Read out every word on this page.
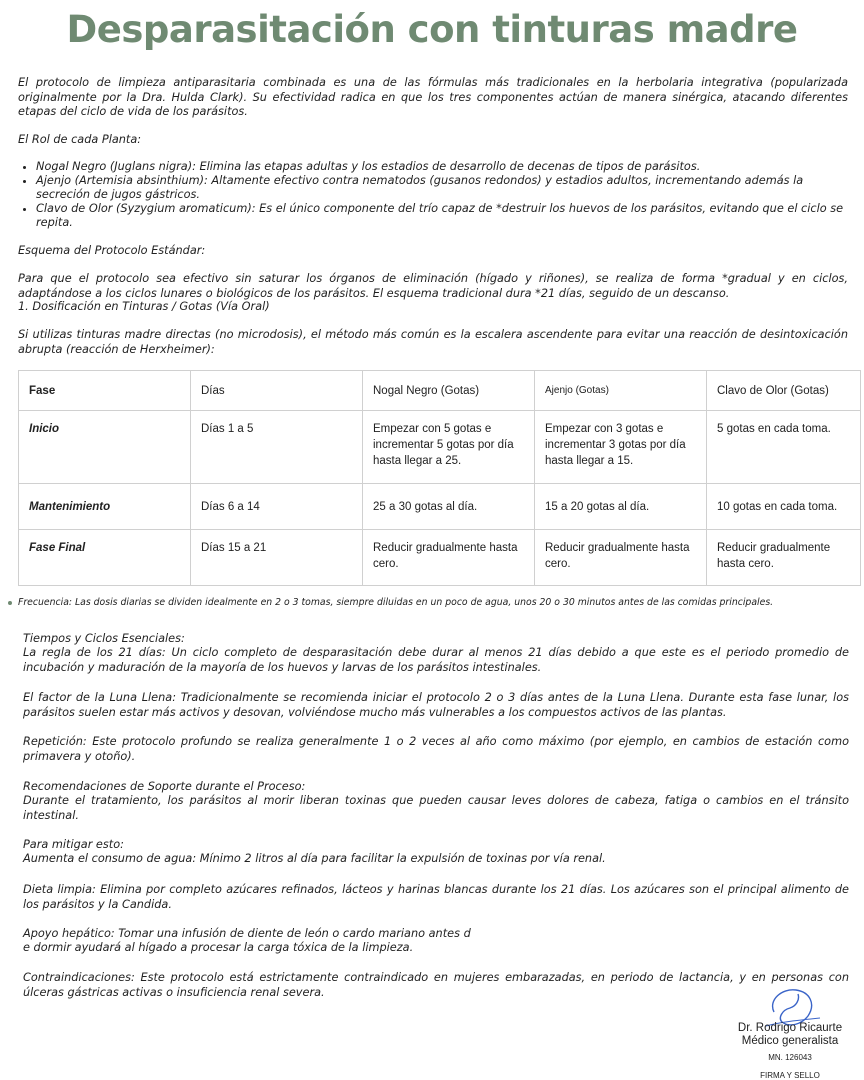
Desparasitación con tinturas madre

El protocolo de limpieza antiparasitaria combinada es una de las fórmulas más tradicionales en la herbolaria integrativa (popularizada originalmente por la Dra. Hulda Clark). Su efectividad radica en que los tres componentes actúan de manera sinérgica, atacando diferentes etapas del ciclo de vida de los parásitos.

El Rol de cada Planta:

• Nogal Negro (Juglans nigra): Elimina las etapas adultas y los estadios de desarrollo de decenas de tipos de parásitos.
• Ajenjo (Artemisia absinthium): Altamente efectivo contra nematodos (gusanos redondos) y estadios adultos, incrementando además la secreción de jugos gástricos.
• Clavo de Olor (Syzygium aromaticum): Es el único componente del trío capaz de *destruir los huevos de los parásitos, evitando que el ciclo se repita.

Esquema del Protocolo Estándar:

Para que el protocolo sea efectivo sin saturar los órganos de eliminación (hígado y riñones), se realiza de forma *gradual y en ciclos, adaptándose a los ciclos lunares o biológicos de los parásitos. El esquema tradicional dura *21 días, seguido de un descanso.

1. Dosificación en Tinturas / Gotas (Vía Oral)

Si utilizas tinturas madre directas (no microdosis), el método más común es la escalera ascendente para evitar una reacción de desintoxicación abrupta (reacción de Herxheimer):

Fase	Días	Nogal Negro (Gotas)	Ajenjo (Gotas)	Clavo de Olor (Gotas)
Inicio	Días 1 a 5	Empezar con 5 gotas e incrementar 5 gotas por día hasta llegar a 25.	Empezar con 3 gotas e incrementar 3 gotas por día hasta llegar a 15.	5 gotas en cada toma.
Mantenimiento	Días 6 a 14	25 a 30 gotas al día.	15 a 20 gotas al día.	10 gotas en cada toma.
Fase Final	Días 15 a 21	Reducir gradualmente hasta cero.	Reducir gradualmente hasta cero.	Reducir gradualmente hasta cero.
Frecuencia: Las dosis diarias se dividen idealmente en 2 o 3 tomas, siempre diluidas en un poco de agua, unos 20 o 30 minutos antes de las comidas principales.

Tiempos y Ciclos Esenciales:

La regla de los 21 días: Un ciclo completo de desparasitación debe durar al menos 21 días debido a que este es el periodo promedio de incubación y maduración de la mayoría de los huevos y larvas de los parásitos intestinales.

El factor de la Luna Llena: Tradicionalmente se recomienda iniciar el protocolo 2 o 3 días antes de la Luna Llena. Durante esta fase lunar, los parásitos suelen estar más activos y desovan, volviéndose mucho más vulnerables a los compuestos activos de las plantas.

Repetición: Este protocolo profundo se realiza generalmente 1 o 2 veces al año como máximo (por ejemplo, en cambios de estación como primavera y otoño).

Recomendaciones de Soporte durante el Proceso:

Durante el tratamiento, los parásitos al morir liberan toxinas que pueden causar leves dolores de cabeza, fatiga o cambios en el tránsito intestinal.

Para mitigar esto:

Aumenta el consumo de agua: Mínimo 2 litros al día para facilitar la expulsión de toxinas por vía renal.

Dieta limpia: Elimina por completo azúcares refinados, lácteos y harinas blancas durante los 21 días. Los azúcares son el principal alimento de los parásitos y la Candida.

Apoyo hepático: Tomar una infusión de diente de león o cardo mariano antes d

e dormir ayudará al hígado a procesar la carga tóxica de la limpieza.

Contraindicaciones: Este protocolo está estrictamente contraindicado en mujeres embarazadas, en periodo de lactancia, y en personas con úlceras gástricas activas o insuficiencia renal severa.

Dr. Rodrigo Ricaurte
Médico generalista
MN. 126043
FIRMA Y SELLO
